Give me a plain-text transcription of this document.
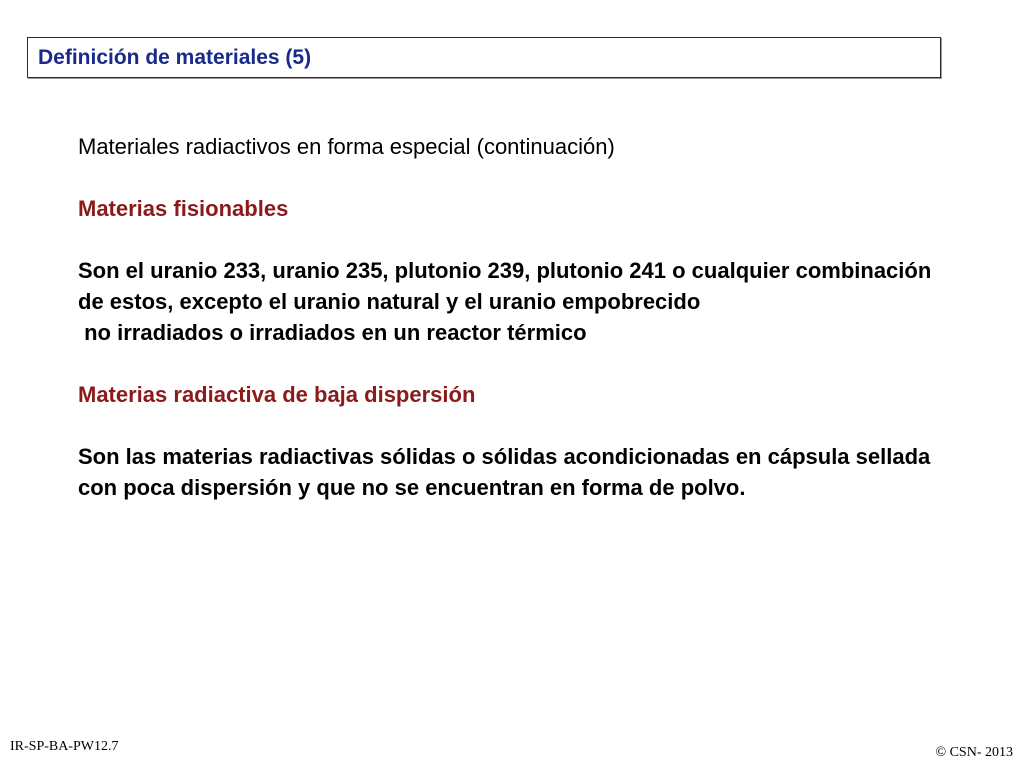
Definición de materiales (5)

Materiales radiactivos en forma especial (continuación)

Materias fisionables

Son el uranio 233, uranio 235, plutonio 239, plutonio 241 o cualquier combinación de estos, excepto el uranio natural y el uranio empobrecido

no irradiados o irradiados en un reactor térmico

Materias radiactiva de baja dispersión

Son las materias radiactivas sólidas o sólidas acondicionadas en cápsula sellada con poca dispersión y que no se encuentran en forma de polvo.

IR-SP-BA-PW12.7	© CSN- 2013
